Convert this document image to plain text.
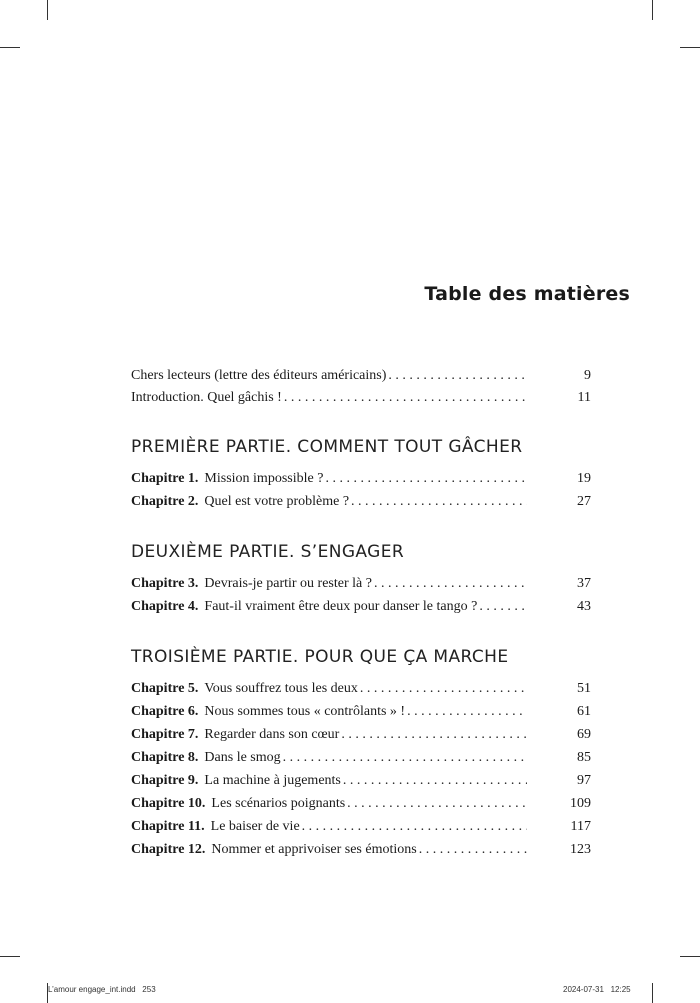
Table des matières
Chers lecteurs (lettre des éditeurs américains) . . .	9
Introduction. Quel gâchis ! . . .	11
PREMIÈRE PARTIE. COMMENT TOUT GÂCHER
Chapitre 1. Mission impossible ? . . .	19
Chapitre 2. Quel est votre problème ? . . .	27
DEUXIÈME PARTIE. S’ENGAGER
Chapitre 3. Devrais-je partir ou rester là ? . . .	37
Chapitre 4. Faut-il vraiment être deux pour danser le tango ? . . .	43
TROISIÈME PARTIE. POUR QUE ÇA MARCHE
Chapitre 5. Vous souffrez tous les deux . . .	51
Chapitre 6. Nous sommes tous « contrôlants » ! . . .	61
Chapitre 7. Regarder dans son cœur . . .	69
Chapitre 8. Dans le smog . . .	85
Chapitre 9. La machine à jugements . . .	97
Chapitre 10. Les scénarios poignants . . .	109
Chapitre 11. Le baiser de vie . . .	117
Chapitre 12. Nommer et apprivoiser ses émotions . . .	123
L’amour engage_int.indd 253	2024-07-31 12:25
